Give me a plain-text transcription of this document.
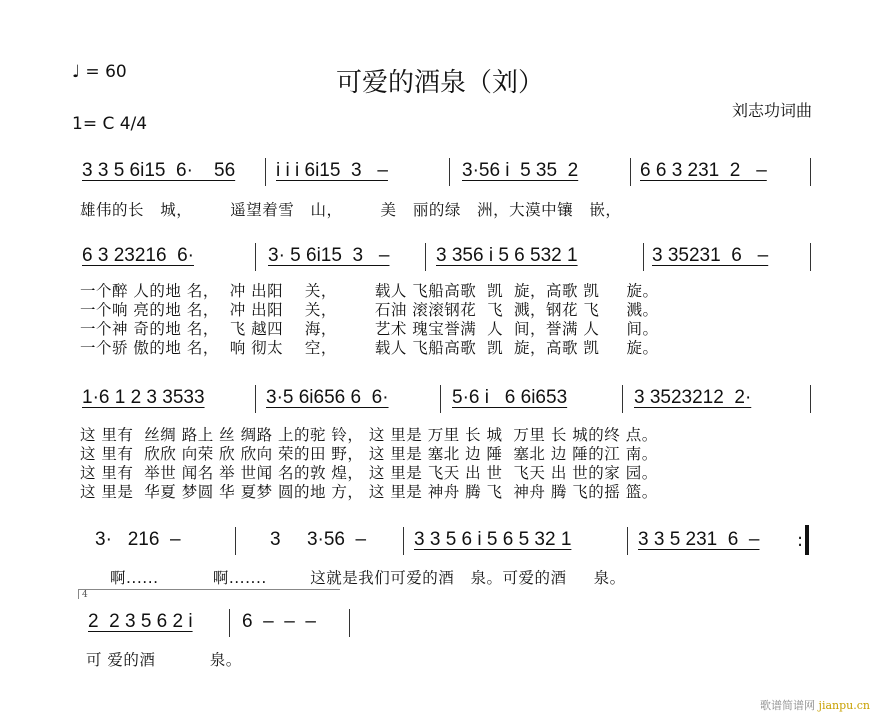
♩ = 60	可爱的酒泉（刘）
1= C 4/4
刘志功词曲
3 3 5 6i15  6·    56 i i i 6i15  3   –	3·56 i  5 35  2	6 6 3 231  2   –
雄伟的长   城，       遥望着雪   山，       美   丽的绿   洲，大漠中镶   嵌，
6 3 23216  6·	3· 5 6i15  3   – 3 356 i 5 6 532 1	3 35231  6   –
一个醉 人的地 名，  冲 出阳    关，       载人 飞船高歌  凯  旋，高歌 凯     旋。
一个响 亮的地 名，  冲 出阳    关，       石油 滚滚钢花  飞  溅，钢花 飞     溅。
一个神 奇的地 名，  飞 越四    海，       艺术 瑰宝誉满  人  间，誉满 人     间。
一个骄 傲的地 名，  响 彻太    空，       载人 飞船高歌  凯  旋，高歌 凯     旋。
1·6 1 2 3 3533	3·5 6i656 6  6·	5·6 i   6 6i653	3 3523212  2·
这 里有  丝绸 路上 丝 绸路 上的驼 铃， 这 里是 万里 长 城  万里 长 城的终 点。
这 里有  欣欣 向荣 欣 欣向 荣的田 野， 这 里是 塞北 边 陲  塞北 边 陲的江 南。
这 里有  举世 闻名 举 世闻 名的敦 煌， 这 里是 飞天 出 世  飞天 出 世的家 园。
这 里是  华夏 梦圆 华 夏梦 圆的地 方， 这 里是 神舟 腾 飞  神舟 腾 飞的摇 篮。
3·   216  –	3     3·56  –	3 3 5 6 i 5 6 5 32 1	3 3 5 231  6  – :
啊......          啊.......        这就是我们可爱的酒   泉。可爱的酒     泉。
4
2  2 3 5 6 2 i	6  –  –  –
可 爱的酒          泉。
歌谱简谱网 jianpu.cn
